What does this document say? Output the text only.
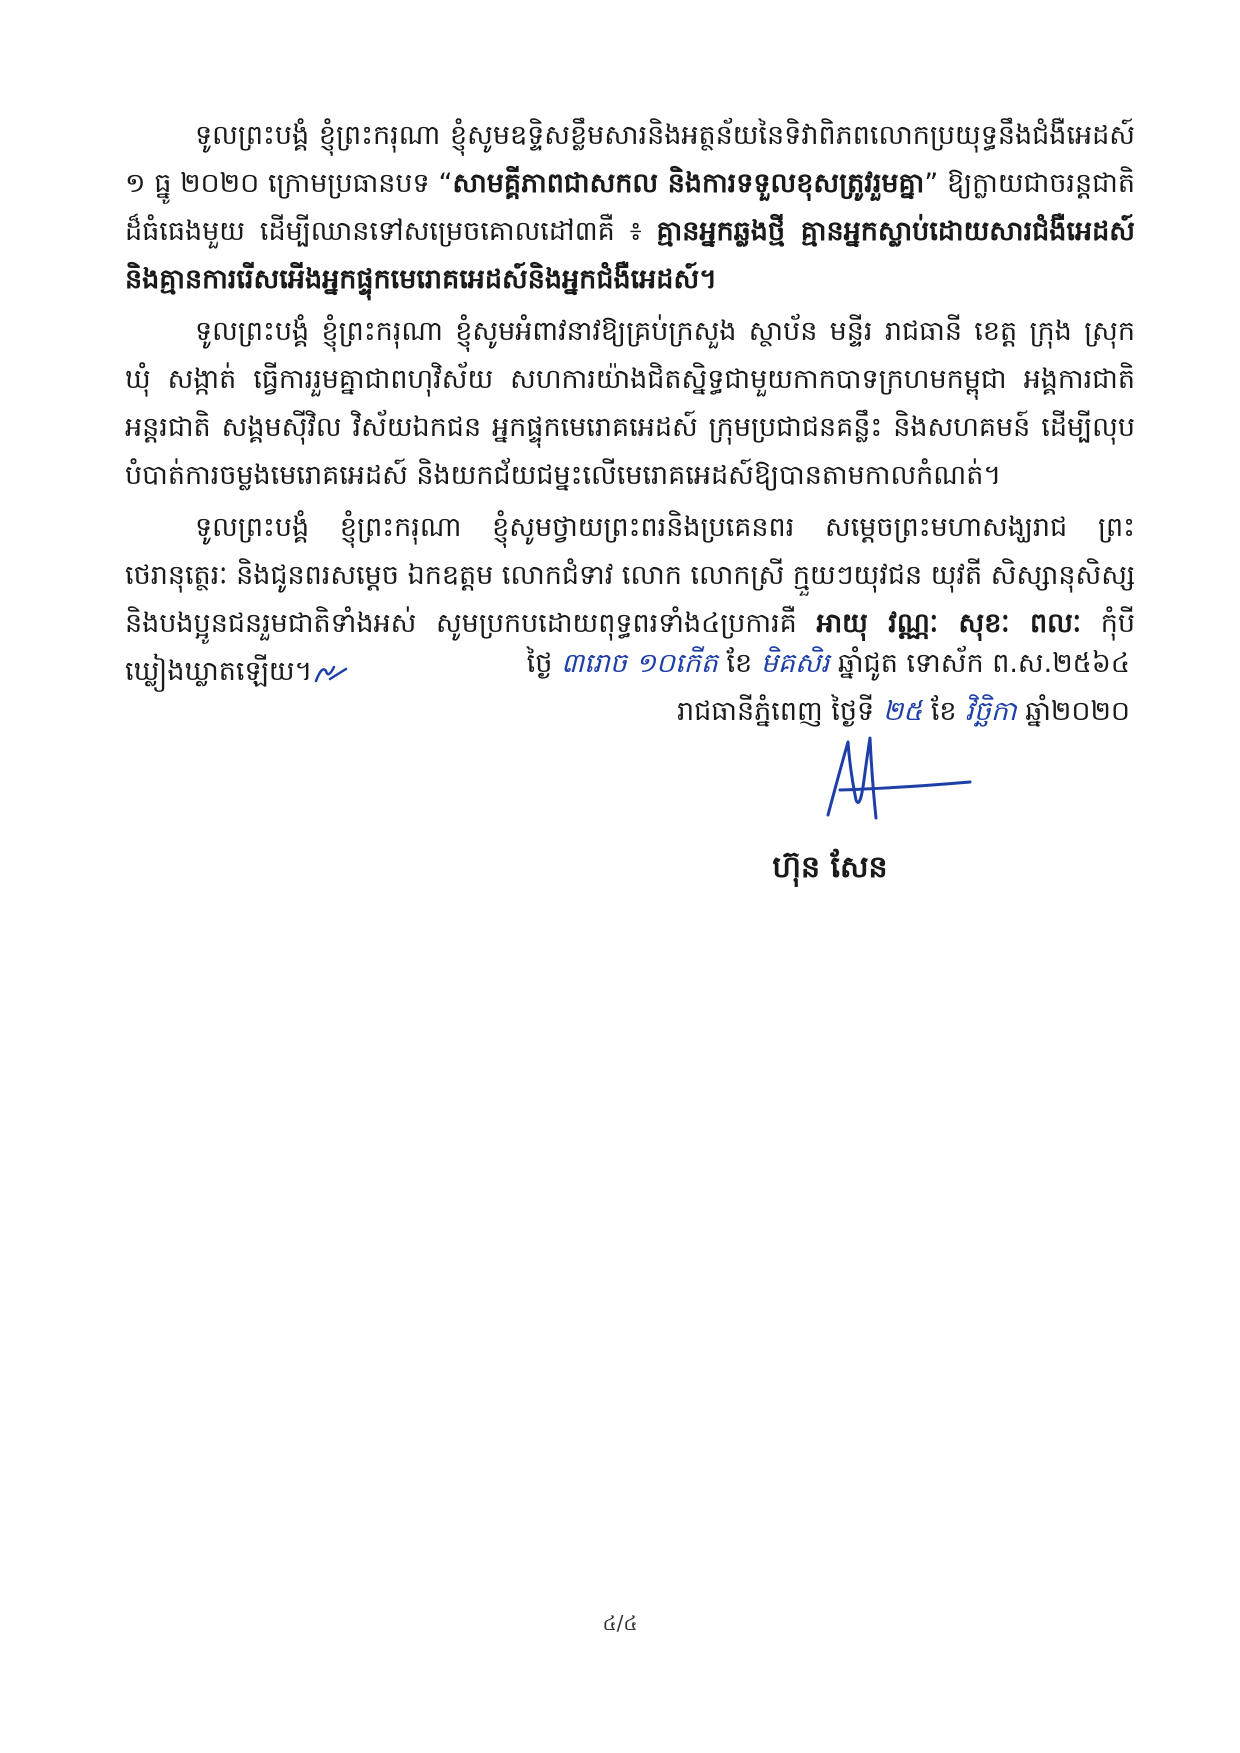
ទូលព្រះបង្គំ ខ្ញុំព្រះករុណា ខ្ញុំសូមឧទ្ទិសខ្លឹមសារនិងអត្ថន័យនៃទិវាពិភពលោកប្រយុទ្ធនឹងជំងឺអេដស៍ ១ ធ្នូ ២០២០ ក្រោមប្រធានបទ “សាមគ្គីភាពជាសកល និងការទទួលខុសត្រូវរួមគ្នា” ឱ្យក្លាយជាចរន្តជាតិដ៏ធំធេងមួយ ដើម្បីឈានទៅសម្រេចគោលដៅ៣គឺ ៖ គ្មានអ្នកឆ្លងថ្មី គ្មានអ្នកស្លាប់ដោយសារជំងឺអេដស៍ និងគ្មានការរើសអើងអ្នកផ្ទុកមេរោគអេដស៍និងអ្នកជំងឺអេដស៍។

ទូលព្រះបង្គំ ខ្ញុំព្រះករុណា ខ្ញុំសូមអំពាវនាវឱ្យគ្រប់ក្រសួង ស្ថាប័ន មន្ទីរ រាជធានី ខេត្ត ក្រុង ស្រុក ឃុំ សង្កាត់ ធ្វើការរួមគ្នាជាពហុវិស័យ សហការយ៉ាងជិតស្និទ្ធជាមួយកាកបាទក្រហមកម្ពុជា អង្គការជាតិ អន្តរជាតិ សង្គមស៊ីវិល វិស័យឯកជន អ្នកផ្ទុកមេរោគអេដស៍ ក្រុមប្រជាជនគន្លឹះ និងសហគមន៍ ដើម្បីលុបបំបាត់ការចម្លងមេរោគអេដស៍ និងយកជ័យជម្នះលើមេរោគអេដស៍ឱ្យបានតាមកាលកំណត់។

ទូលព្រះបង្គំ ខ្ញុំព្រះករុណា ខ្ញុំសូមថ្វាយព្រះពរនិងប្រគេនពរ សម្តេចព្រះមហាសង្ឃរាជ ព្រះថេរានុត្ថេរៈ និងជូនពរសម្តេច ឯកឧត្តម លោកជំទាវ លោក លោកស្រី ក្មួយៗយុវជន យុវតី សិស្សានុសិស្ស និងបងប្អូនជនរួមជាតិទាំងអស់ សូមប្រកបដោយពុទ្ធពរទាំង៤ប្រការគឺ អាយុ វណ្ណៈ សុខៈ ពលៈ កុំបីឃ្លៀងឃ្លាតឡើយ។	ថ្ងៃ ៣រោច ១០កើត ខែ មិគសិរ ឆ្នាំជូត ទោស័ក ព.ស.២៥៦៤
រាជធានីភ្នំពេញ ថ្ងៃទី ២៥ ខែ វិច្ឆិកា ឆ្នាំ២០២០
ហ៊ុន សែន
៤/៤
